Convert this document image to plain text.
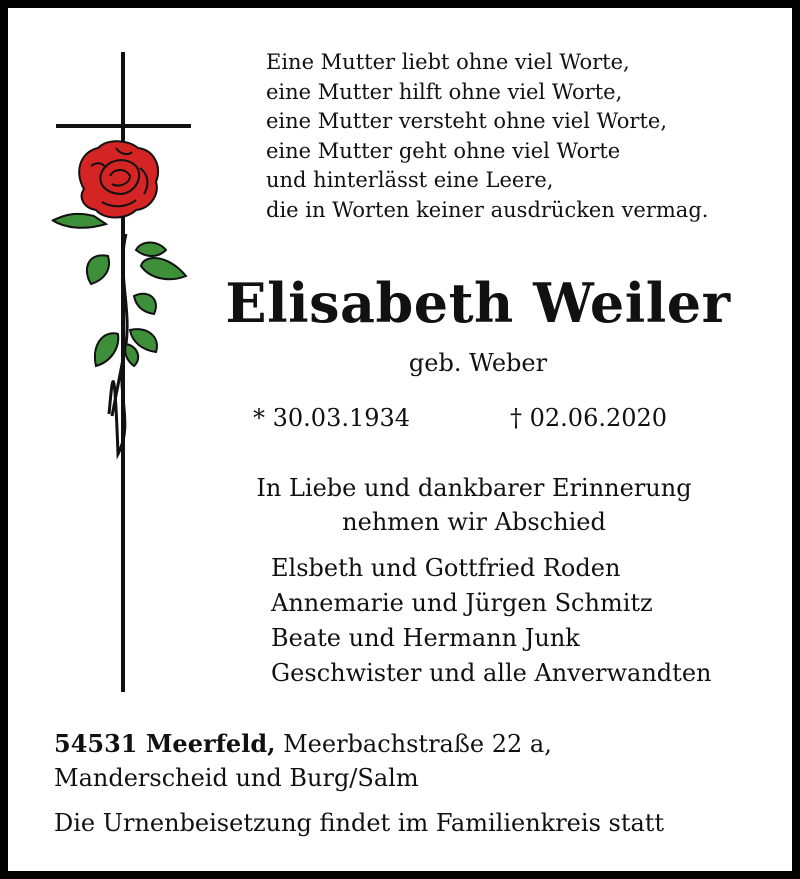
Eine Mutter liebt ohne viel Worte,
eine Mutter hilft ohne viel Worte,
eine Mutter versteht ohne viel Worte,
eine Mutter geht ohne viel Worte
und hinterlässt eine Leere,
die in Worten keiner ausdrücken vermag.
Elisabeth Weiler
geb. Weber
* 30.03.1934	† 02.06.2020
In Liebe und dankbarer Erinnerung
nehmen wir Abschied
Elsbeth und Gottfried Roden
Annemarie und Jürgen Schmitz
Beate und Hermann Junk
Geschwister und alle Anverwandten
54531 Meerfeld, Meerbachstraße 22 a,
Manderscheid und Burg/Salm
Die Urnenbeisetzung findet im Familienkreis statt
